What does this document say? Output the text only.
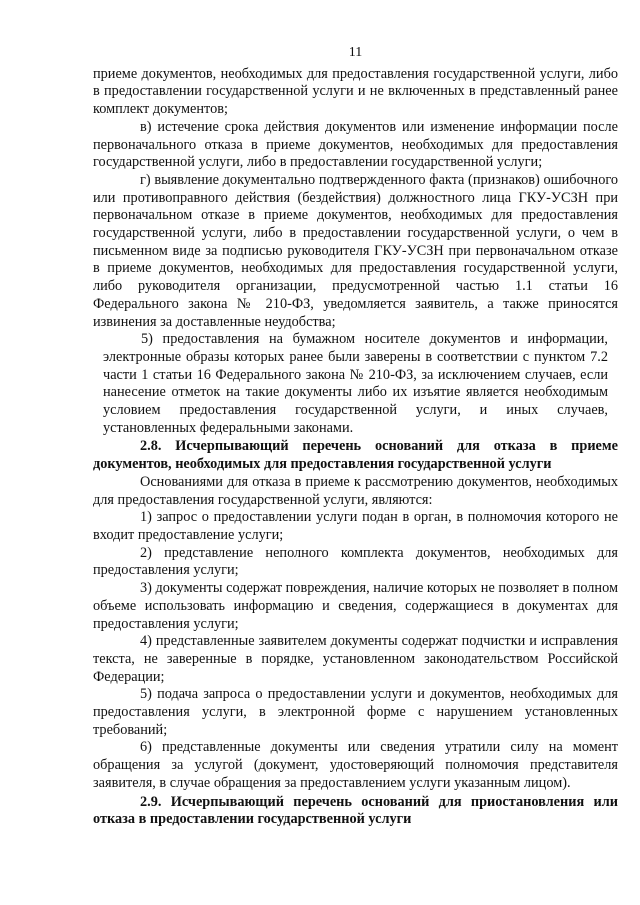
11

приеме документов, необходимых для предоставления государственной услуги, либо в предоставлении государственной услуги и не включенных в представленный ранее комплект документов;

в) истечение срока действия документов или изменение информации после первоначального отказа в приеме документов, необходимых для предоставления государственной услуги, либо в предоставлении государственной услуги;

г) выявление документально подтвержденного факта (признаков) ошибочного или противоправного действия (бездействия) должностного лица ГКУ-УСЗН при первоначальном отказе в приеме документов, необходимых для предоставления государственной услуги, либо в предоставлении государственной услуги, о чем в письменном виде за подписью руководителя ГКУ-УСЗН при первоначальном отказе в приеме документов, необходимых для предоставления государственной услуги, либо руководителя организации, предусмотренной частью 1.1 статьи 16 Федерального закона № 210-ФЗ, уведомляется заявитель, а также приносятся извинения за доставленные неудобства;

5) предоставления на бумажном носителе документов и информации, электронные образы которых ранее были заверены в соответствии с пунктом 7.2 части 1 статьи 16 Федерального закона № 210-ФЗ, за исключением случаев, если нанесение отметок на такие документы либо их изъятие является необходимым условием предоставления государственной услуги, и иных случаев, установленных федеральными законами.

2.8. Исчерпывающий перечень оснований для отказа в приеме документов, необходимых для предоставления государственной услуги

Основаниями для отказа в приеме к рассмотрению документов, необходимых для предоставления государственной услуги, являются:

1) запрос о предоставлении услуги подан в орган, в полномочия которого не входит предоставление услуги;

2) представление неполного комплекта документов, необходимых для предоставления услуги;

3) документы содержат повреждения, наличие которых не позволяет в полном объеме использовать информацию и сведения, содержащиеся в документах для предоставления услуги;

4) представленные заявителем документы содержат подчистки и исправления текста, не заверенные в порядке, установленном законодательством Российской Федерации;

5) подача запроса о предоставлении услуги и документов, необходимых для предоставления услуги, в электронной форме с нарушением установленных требований;

6) представленные документы или сведения утратили силу на момент обращения за услугой (документ, удостоверяющий полномочия представителя заявителя, в случае обращения за предоставлением услуги указанным лицом).

2.9. Исчерпывающий перечень оснований для приостановления или отказа в предоставлении государственной услуги
